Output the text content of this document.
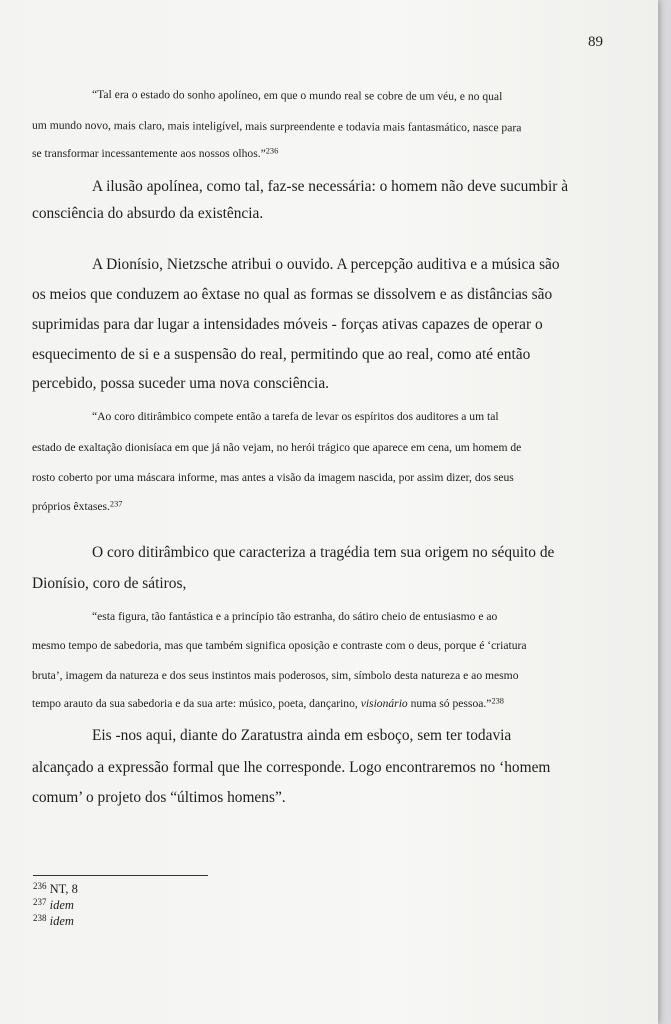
89
“Tal era o estado do sonho apolíneo, em que o mundo real se cobre de um véu, e no qual
um mundo novo, mais claro, mais inteligível, mais surpreendente e todavia mais fantasmático, nasce para
se transformar incessantemente aos nossos olhos.”$^{236}$
A ilusão apolínea, como tal, faz-se necessária: o homem não deve sucumbir à
consciência do absurdo da existência.
A Dionísio, Nietzsche atribui o ouvido. A percepção auditiva e a música são
os meios que conduzem ao êxtase no qual as formas se dissolvem e as distâncias são
suprimidas para dar lugar a intensidades móveis - forças ativas capazes de operar o
esquecimento de si e a suspensão do real, permitindo que ao real, como até então
percebido, possa suceder uma nova consciência.
“Ao coro ditirâmbico compete então a tarefa de levar os espíritos dos auditores a um tal
estado de exaltação dionisíaca em que já não vejam, no herói trágico que aparece em cena, um homem de
rosto coberto por uma máscara informe, mas antes a visão da imagem nascida, por assim dizer, dos seus
próprios êxtases.$^{237}$
O coro ditirâmbico que caracteriza a tragédia tem sua origem no séquito de
Dionísio, coro de sátiros,
“esta figura, tão fantástica e a princípio tão estranha, do sátiro cheio de entusiasmo e ao
mesmo tempo de sabedoria, mas que também significa oposição e contraste com o deus, porque é ‘criatura
bruta’, imagem da natureza e dos seus instintos mais poderosos, sim, símbolo desta natureza e ao mesmo
tempo arauto da sua sabedoria e da sua arte: músico, poeta, dançarino, visionário numa só pessoa.”$^{238}$
Eis -nos aqui, diante do Zaratustra ainda em esboço, sem ter todavia
alcançado a expressão formal que lhe corresponde. Logo encontraremos no ‘homem
comum’ o projeto dos “últimos homens”.
$^{236}$ NT, 8
$^{237}$ idem
$^{238}$ idem
